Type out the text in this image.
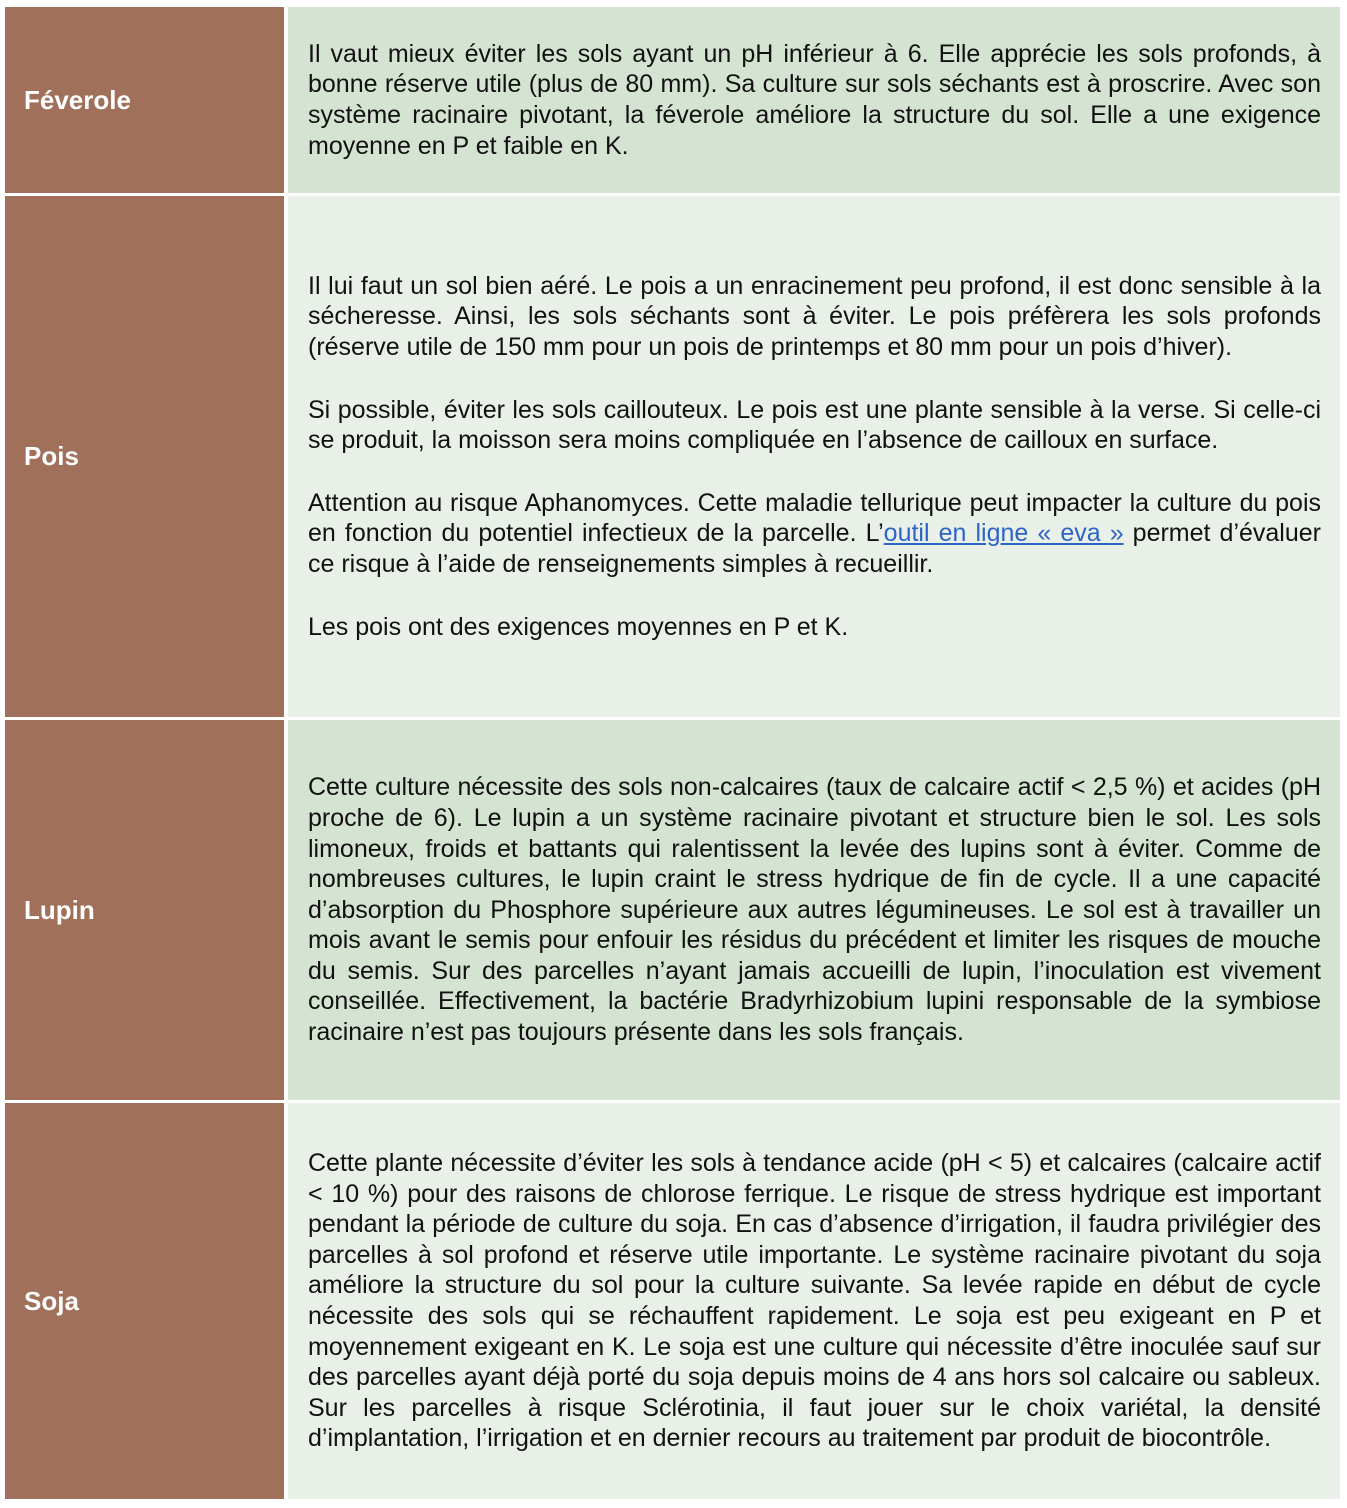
Féverole

Il vaut mieux éviter les sols ayant un pH inférieur à 6. Elle apprécie les sols profonds, à bonne réserve utile (plus de 80 mm). Sa culture sur sols séchants est à proscrire. Avec son système racinaire pivotant, la féverole améliore la structure du sol. Elle a une exigence moyenne en P et faible en K.

Pois

Il lui faut un sol bien aéré. Le pois a un enracinement peu profond, il est donc sensible à la sécheresse. Ainsi, les sols séchants sont à éviter. Le pois préfèrera les sols profonds (réserve utile de 150 mm pour un pois de printemps et 80 mm pour un pois d’hiver).

Si possible, éviter les sols caillouteux. Le pois est une plante sensible à la verse. Si celle-ci se produit, la moisson sera moins compliquée en l’absence de cailloux en surface.

Attention au risque Aphanomyces. Cette maladie tellurique peut impacter la culture du pois en fonction du potentiel infectieux de la parcelle. L’outil en ligne « eva » permet d’évaluer ce risque à l’aide de renseignements simples à recueillir.

Les pois ont des exigences moyennes en P et K.

Lupin

Cette culture nécessite des sols non-calcaires (taux de calcaire actif < 2,5 %) et acides (pH proche de 6). Le lupin a un système racinaire pivotant et structure bien le sol. Les sols limoneux, froids et battants qui ralentissent la levée des lupins sont à éviter. Comme de nombreuses cultures, le lupin craint le stress hydrique de fin de cycle. Il a une capacité d’absorption du Phosphore supérieure aux autres légumineuses. Le sol est à travailler un mois avant le semis pour enfouir les résidus du précédent et limiter les risques de mouche du semis. Sur des parcelles n’ayant jamais accueilli de lupin, l’inoculation est vivement conseillée. Effectivement, la bactérie Bradyrhizobium lupini responsable de la symbiose racinaire n’est pas toujours présente dans les sols français.

Soja

Cette plante nécessite d’éviter les sols à tendance acide (pH < 5) et calcaires (calcaire actif < 10 %) pour des raisons de chlorose ferrique. Le risque de stress hydrique est important pendant la période de culture du soja. En cas d’absence d’irrigation, il faudra privilégier des parcelles à sol profond et réserve utile importante. Le système racinaire pivotant du soja améliore la structure du sol pour la culture suivante. Sa levée rapide en début de cycle nécessite des sols qui se réchauffent rapidement. Le soja est peu exigeant en P et moyennement exigeant en K. Le soja est une culture qui nécessite d’être inoculée sauf sur des parcelles ayant déjà porté du soja depuis moins de 4 ans hors sol calcaire ou sableux. Sur les parcelles à risque Sclérotinia, il faut jouer sur le choix variétal, la densité d’implantation, l’irrigation et en dernier recours au traitement par produit de biocontrôle.
